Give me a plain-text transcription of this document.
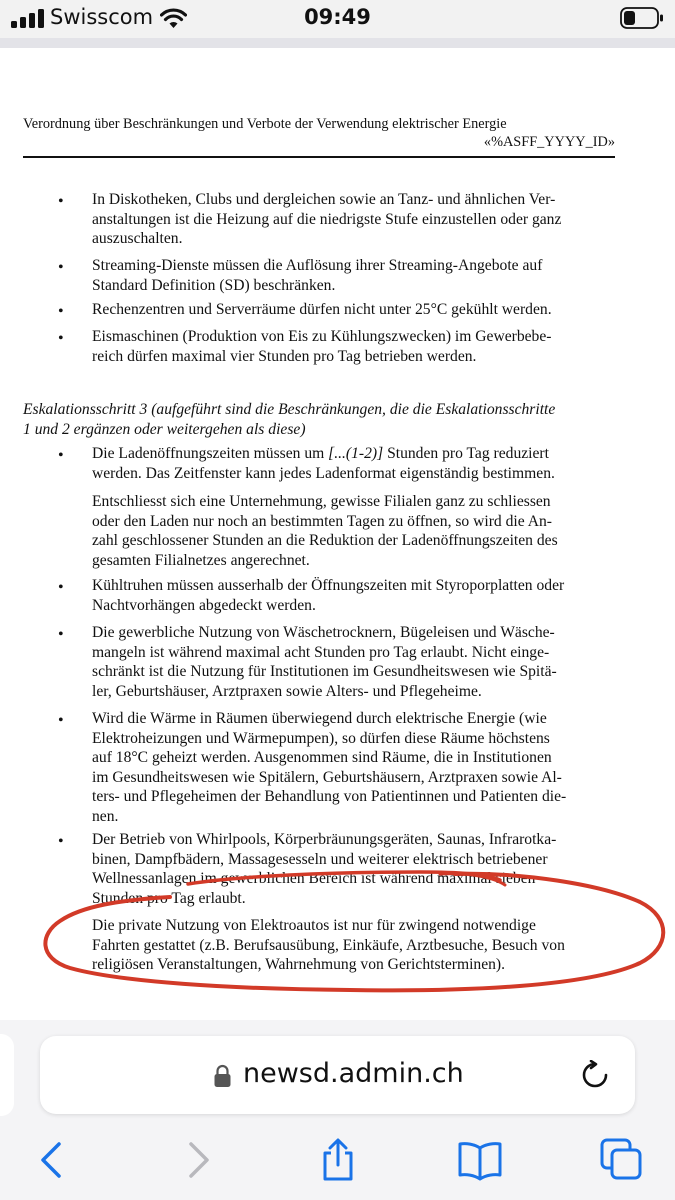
Swisscom	09:49
Verordnung über Beschränkungen und Verbote der Verwendung elektrischer Energie
«%ASFF_YYYY_ID»
• In Diskotheken, Clubs und dergleichen sowie an Tanz- und ähnlichen Ver-
anstaltungen ist die Heizung auf die niedrigste Stufe einzustellen oder ganz
auszuschalten.
• Streaming-Dienste müssen die Auflösung ihrer Streaming-Angebote auf
Standard Definition (SD) beschränken.
• Rechenzentren und Serverräume dürfen nicht unter 25°C gekühlt werden.
• Eismaschinen (Produktion von Eis zu Kühlungszwecken) im Gewerbebe-
reich dürfen maximal vier Stunden pro Tag betrieben werden.
Eskalationsschritt 3 (aufgeführt sind die Beschränkungen, die die Eskalationsschritte
1 und 2 ergänzen oder weitergehen als diese)
• Die Ladenöffnungszeiten müssen um [...(1-2)] Stunden pro Tag reduziert
werden. Das Zeitfenster kann jedes Ladenformat eigenständig bestimmen.
Entschliesst sich eine Unternehmung, gewisse Filialen ganz zu schliessen
oder den Laden nur noch an bestimmten Tagen zu öffnen, so wird die An-
zahl geschlossener Stunden an die Reduktion der Ladenöffnungszeiten des
gesamten Filialnetzes angerechnet.
• Kühltruhen müssen ausserhalb der Öffnungszeiten mit Styroporplatten oder
Nachtvorhängen abgedeckt werden.
• Die gewerbliche Nutzung von Wäschetrocknern, Bügeleisen und Wäsche-
mangeln ist während maximal acht Stunden pro Tag erlaubt. Nicht einge-
schränkt ist die Nutzung für Institutionen im Gesundheitswesen wie Spitä-
ler, Geburtshäuser, Arztpraxen sowie Alters- und Pflegeheime.
• Wird die Wärme in Räumen überwiegend durch elektrische Energie (wie
Elektroheizungen und Wärmepumpen), so dürfen diese Räume höchstens
auf 18°C geheizt werden. Ausgenommen sind Räume, die in Institutionen
im Gesundheitswesen wie Spitälern, Geburtshäusern, Arztpraxen sowie Al-
ters- und Pflegeheimen der Behandlung von Patientinnen und Patienten die-
nen.
• Der Betrieb von Whirlpools, Körperbräunungsgeräten, Saunas, Infrarotka-
binen, Dampfbädern, Massagesesseln und weiterer elektrisch betriebener
Wellnessanlagen im gewerblichen Bereich ist während maximal sieben
Stunden pro Tag erlaubt.
Die private Nutzung von Elektroautos ist nur für zwingend notwendige
Fahrten gestattet (z.B. Berufsausübung, Einkäufe, Arztbesuche, Besuch von
religiösen Veranstaltungen, Wahrnehmung von Gerichtsterminen).
newsd.admin.ch
